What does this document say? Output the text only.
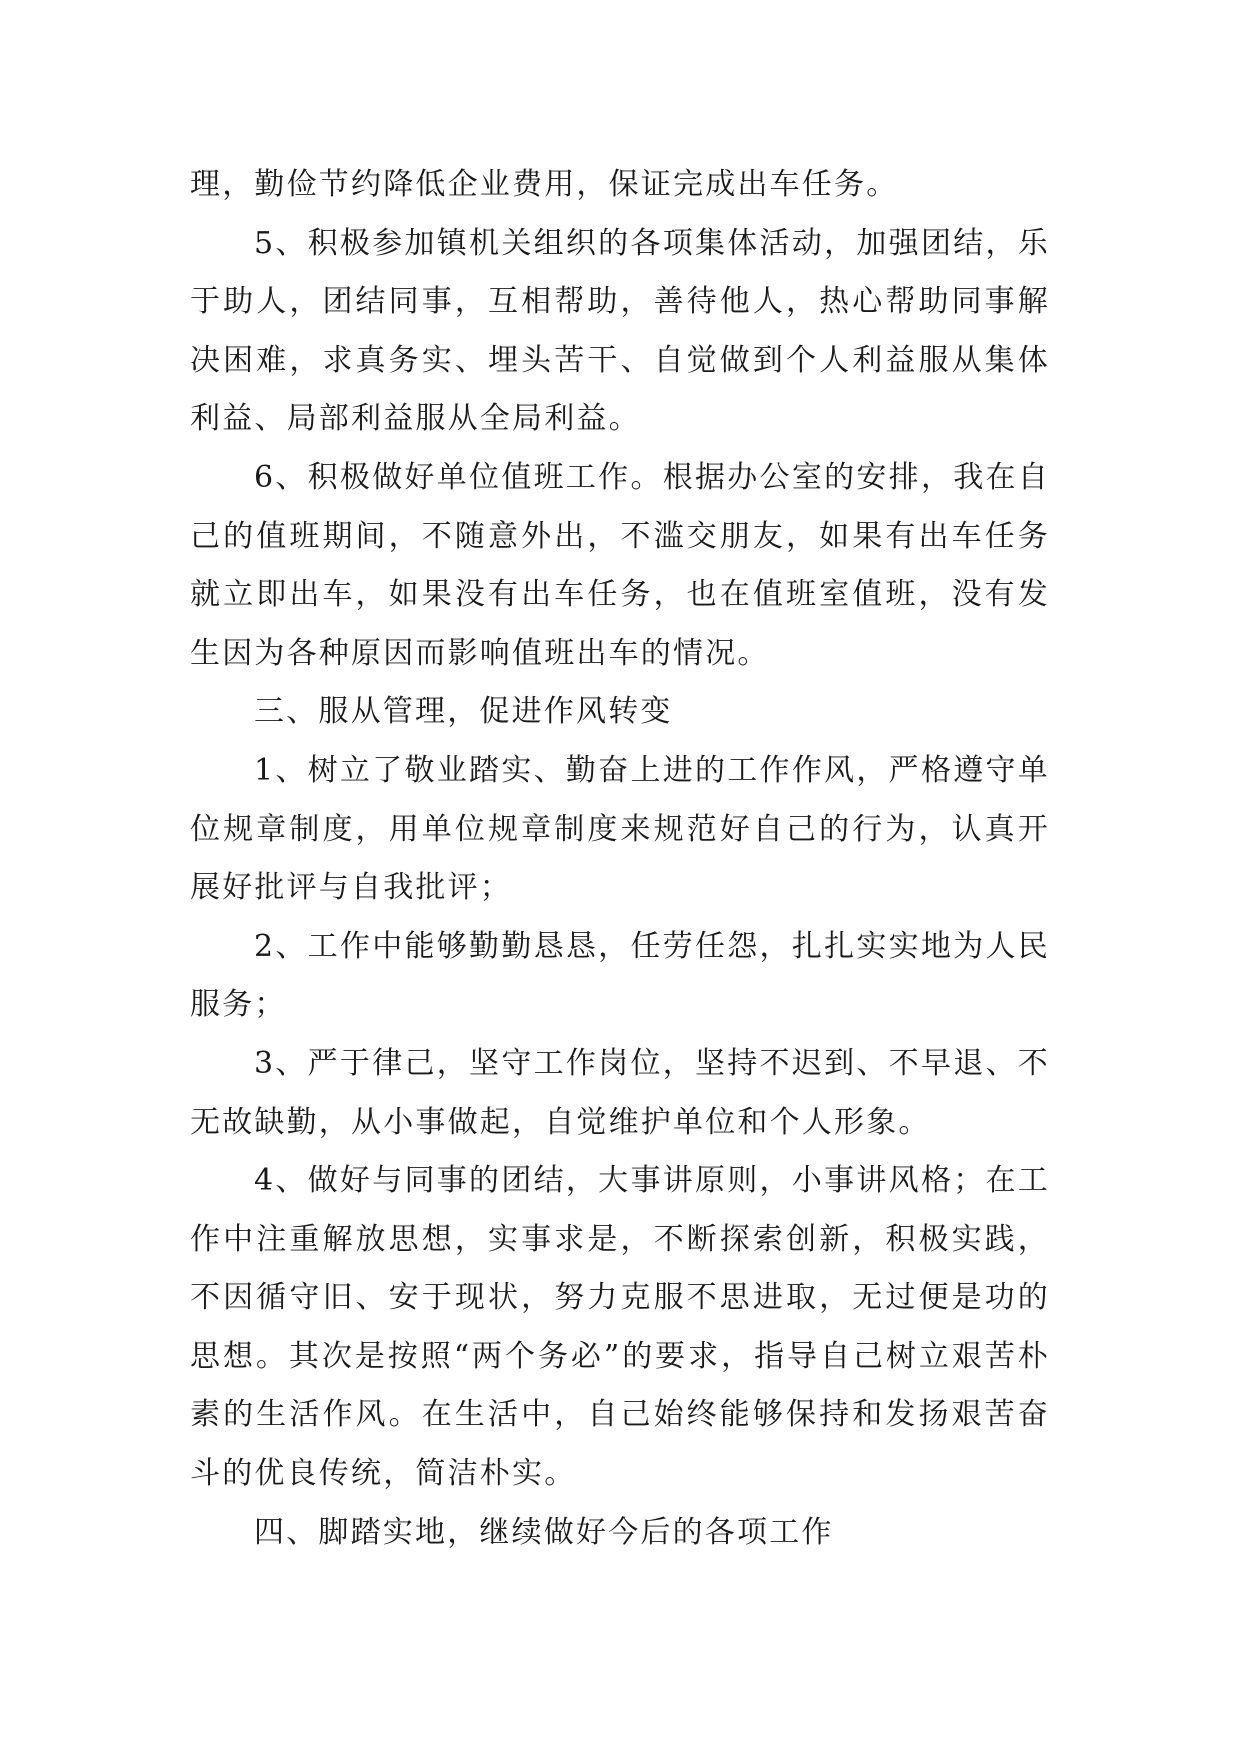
理，勤俭节约降低企业费用，保证完成出车任务。

5、积极参加镇机关组织的各项集体活动，加强团结，乐于助人，团结同事，互相帮助，善待他人，热心帮助同事解决困难，求真务实、埋头苦干、自觉做到个人利益服从集体利益、局部利益服从全局利益。

6、积极做好单位值班工作。根据办公室的安排，我在自己的值班期间，不随意外出，不滥交朋友，如果有出车任务就立即出车，如果没有出车任务，也在值班室值班，没有发生因为各种原因而影响值班出车的情况。

三、服从管理，促进作风转变

1、树立了敬业踏实、勤奋上进的工作作风，严格遵守单位规章制度，用单位规章制度来规范好自己的行为，认真开展好批评与自我批评；

2、工作中能够勤勤恳恳，任劳任怨，扎扎实实地为人民服务；

3、严于律己，坚守工作岗位，坚持不迟到、不早退、不无故缺勤，从小事做起，自觉维护单位和个人形象。

4、做好与同事的团结，大事讲原则，小事讲风格；在工作中注重解放思想，实事求是，不断探索创新，积极实践，不因循守旧、安于现状，努力克服不思进取，无过便是功的思想。其次是按照“两个务必”的要求，指导自己树立艰苦朴素的生活作风。在生活中，自己始终能够保持和发扬艰苦奋斗的优良传统，简洁朴实。

四、脚踏实地，继续做好今后的各项工作
